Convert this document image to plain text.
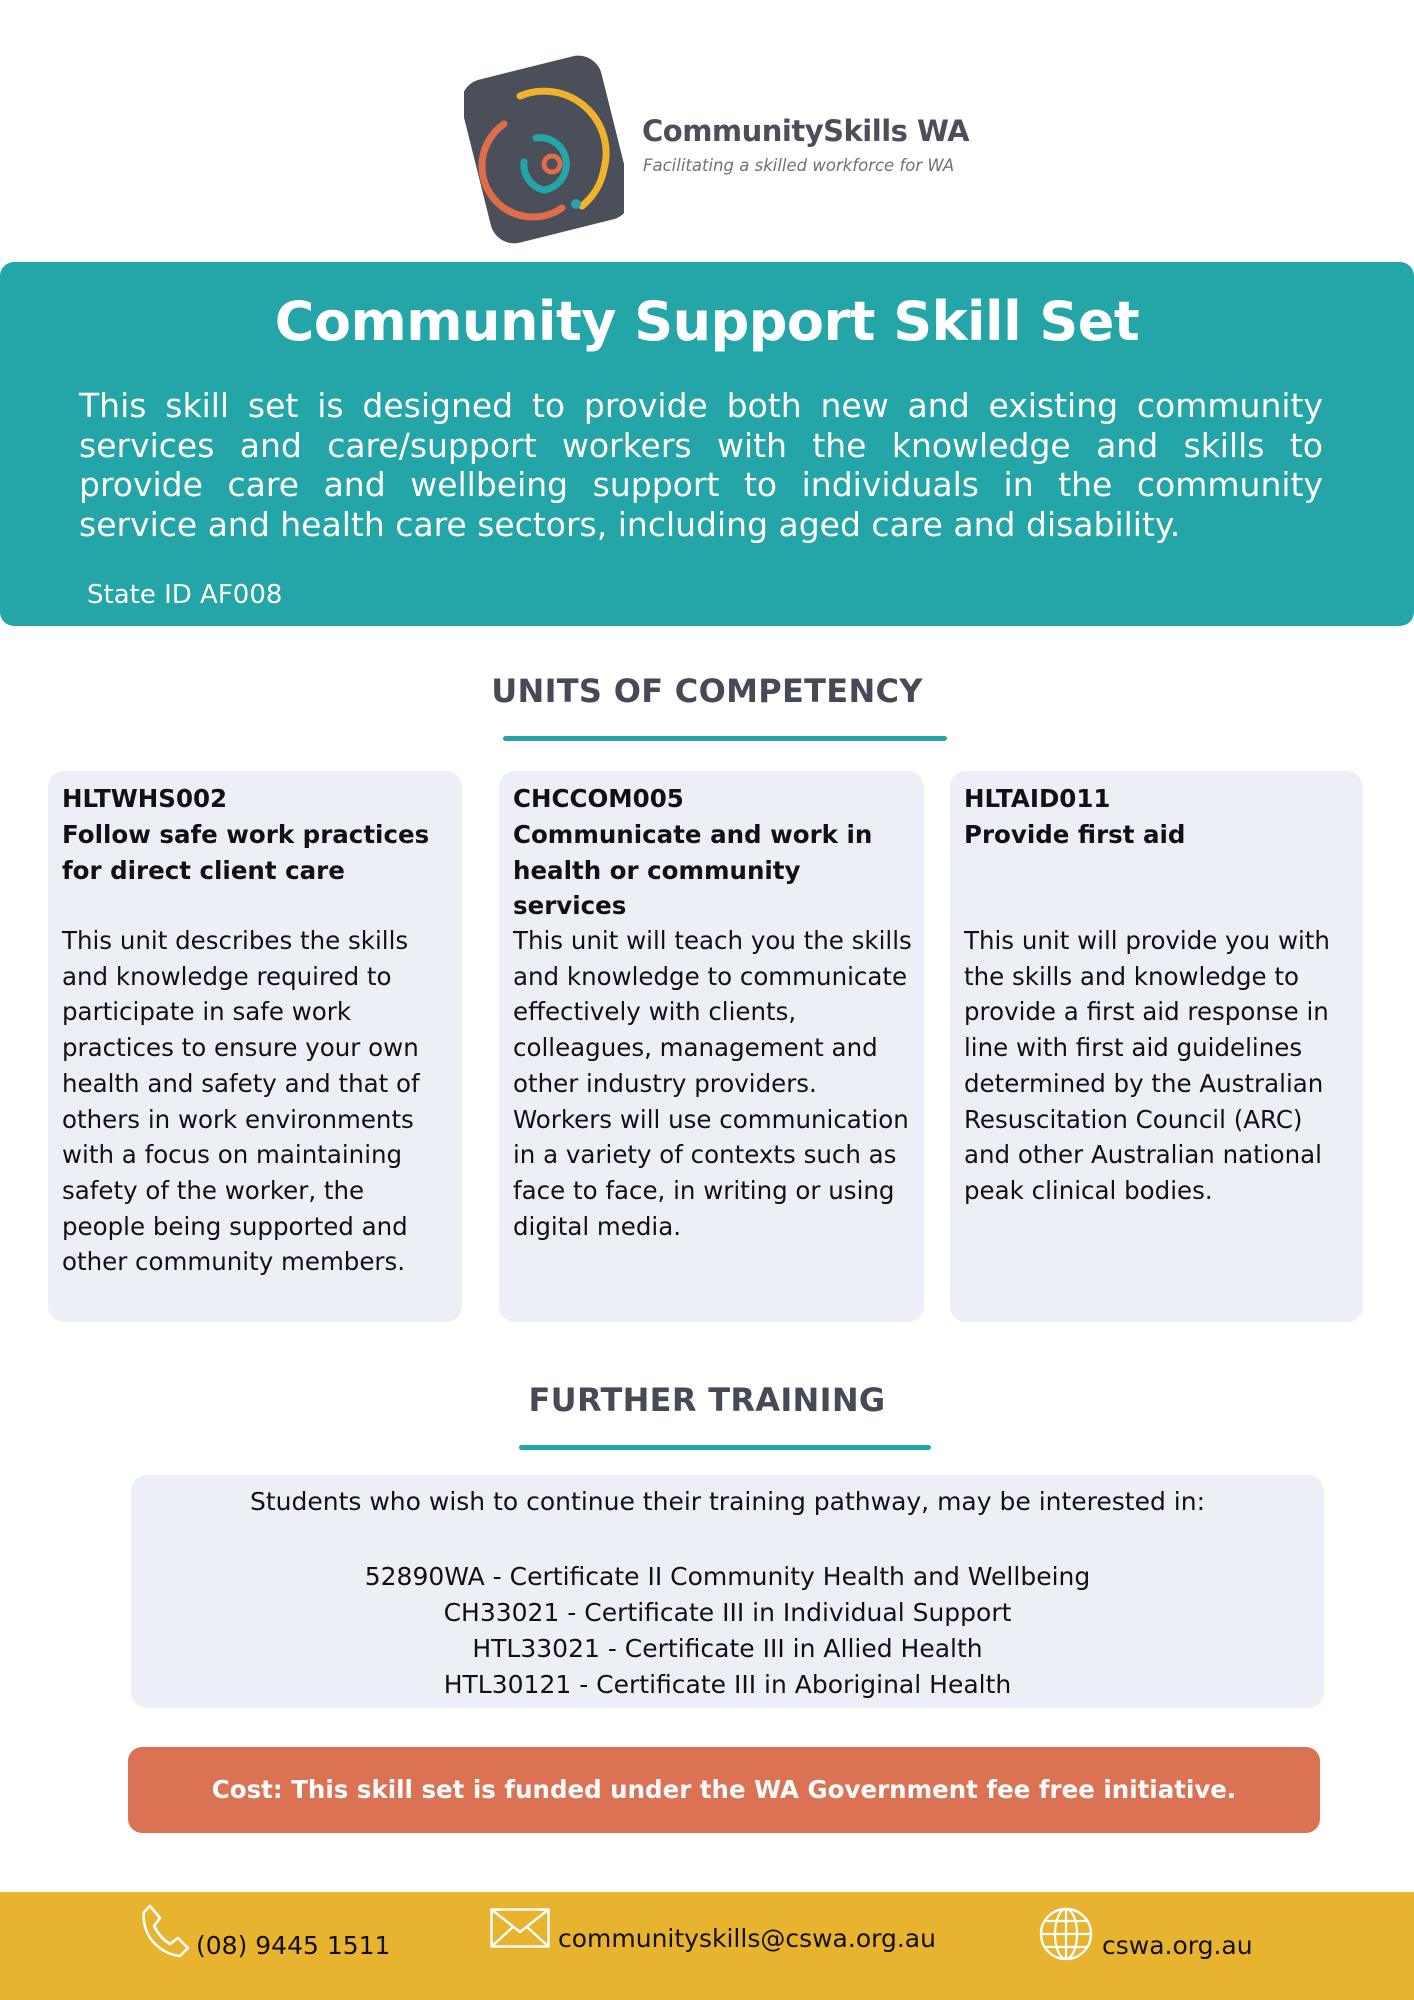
CommunitySkills WA
Facilitating a skilled workforce for WA
Community Support Skill Set
This skill set is designed to provide both new and existing community services and care/support workers with the knowledge and skills to provide care and wellbeing support to individuals in the community service and health care sectors, including aged care and disability.
State ID AF008
UNITS OF COMPETENCY
HLTWHS002
Follow safe work practices for direct client care
This unit describes the skills and knowledge required to participate in safe work practices to ensure your own health and safety and that of others in work environments with a focus on maintaining safety of the worker, the people being supported and other community members.
CHCCOM005
Communicate and work in health or community services
This unit will teach you the skills and knowledge to communicate effectively with clients, colleagues, management and other industry providers. Workers will use communication in a variety of contexts such as face to face, in writing or using digital media.
HLTAID011
Provide first aid
This unit will provide you with the skills and knowledge to provide a first aid response in line with first aid guidelines determined by the Australian Resuscitation Council (ARC) and other Australian national peak clinical bodies.
FURTHER TRAINING
Students who wish to continue their training pathway, may be interested in:
52890WA - Certificate II Community Health and Wellbeing
CH33021 - Certificate III in Individual Support
HTL33021 - Certificate III in Allied Health
HTL30121 - Certificate III in Aboriginal Health
Cost: This skill set is funded under the WA Government fee free initiative.
(08) 9445 1511	communityskills@cswa.org.au	cswa.org.au
